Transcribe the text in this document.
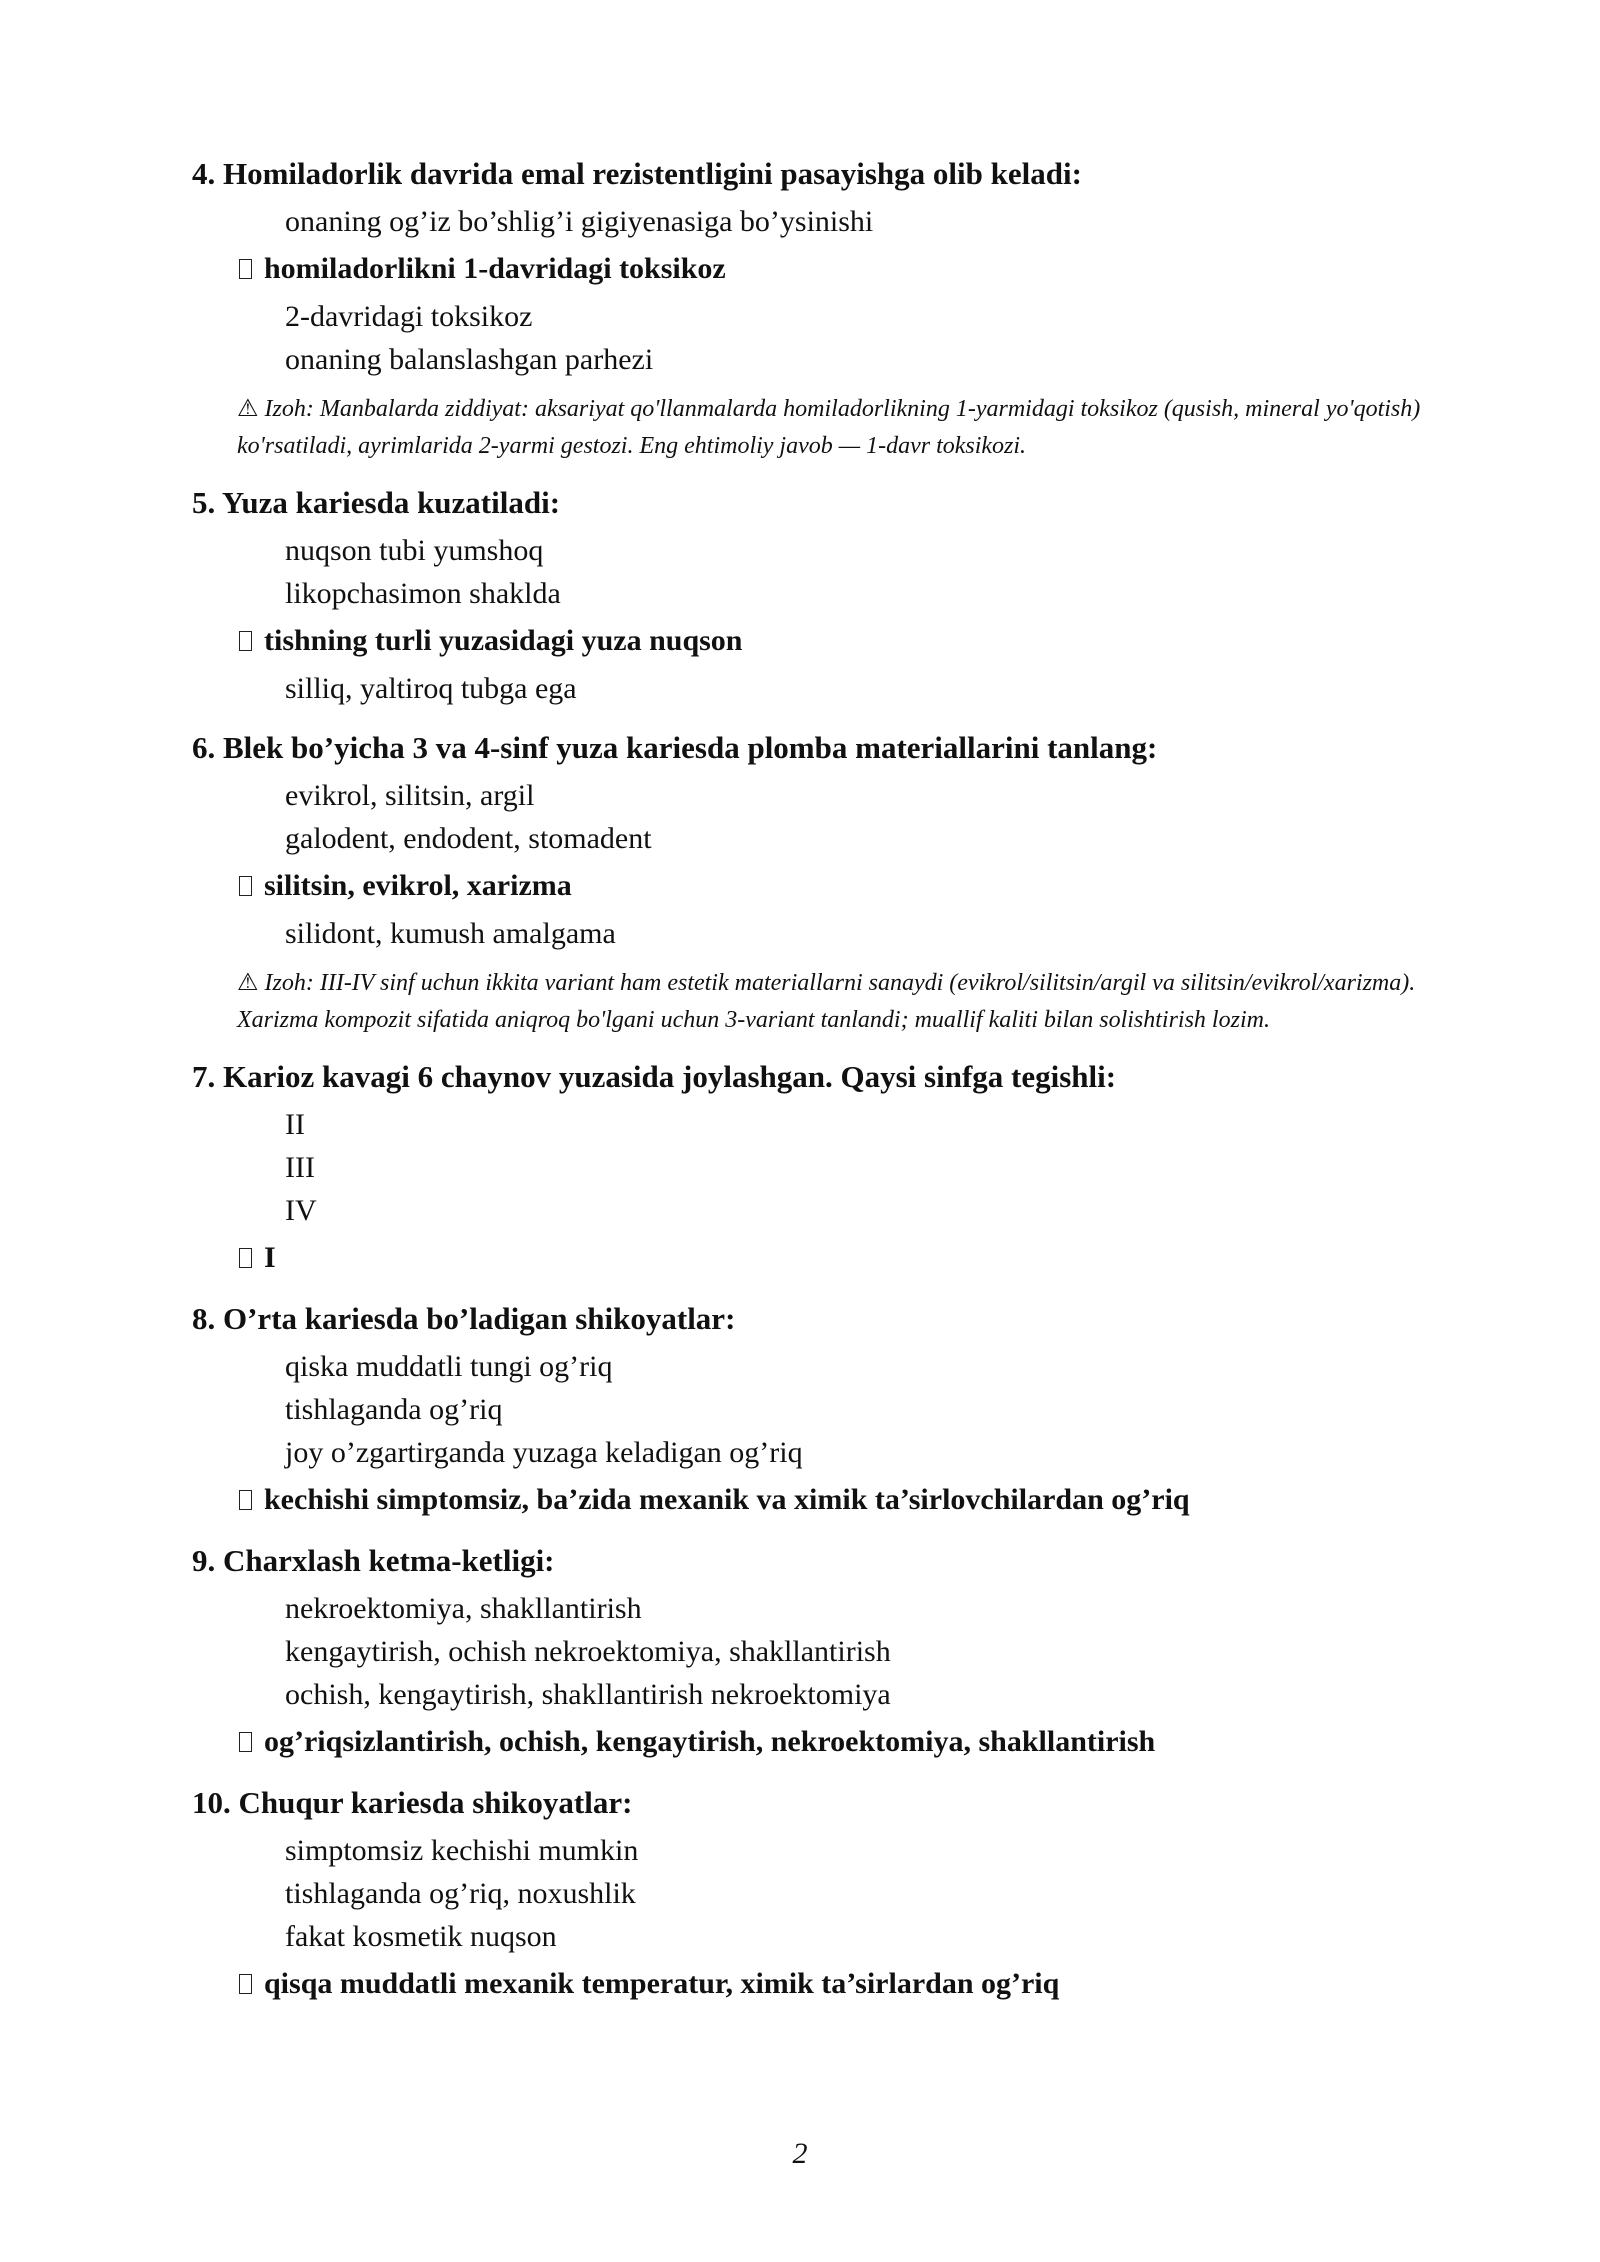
4. Homiladorlik davrida emal rezistentligini pasayishga olib keladi:
onaning og’iz bo’shlig’i gigiyenasiga bo’ysinishi
homiladorlikni 1-davridagi toksikoz
2-davridagi toksikoz
onaning balanslashgan parhezi
⚠ Izoh: Manbalarda ziddiyat: aksariyat qo'llanmalarda homiladorlikning 1-yarmidagi toksikoz (qusish, mineral yo'qotish) ko'rsatiladi, ayrimlarida 2-yarmi gestozi. Eng ehtimoliy javob — 1-davr toksikozi.
5. Yuza kariesda kuzatiladi:
nuqson tubi yumshoq
likopchasimon shaklda
tishning turli yuzasidagi yuza nuqson
silliq, yaltiroq tubga ega
6. Blek bo’yicha 3 va 4-sinf yuza kariesda plomba materiallarini tanlang:
evikrol, silitsin, argil
galodent, endodent, stomadent
silitsin, evikrol, xarizma
silidont, kumush amalgama
⚠ Izoh: III-IV sinf uchun ikkita variant ham estetik materiallarni sanaydi (evikrol/silitsin/argil va silitsin/evikrol/xarizma). Xarizma kompozit sifatida aniqroq bo'lgani uchun 3-variant tanlandi; muallif kaliti bilan solishtirish lozim.
7. Karioz kavagi 6 chaynov yuzasida joylashgan. Qaysi sinfga tegishli:
II
III
IV
I
8. O’rta kariesda bo’ladigan shikoyatlar:
qiska muddatli tungi og’riq
tishlaganda og’riq
joy o’zgartirganda yuzaga keladigan og’riq
kechishi simptomsiz, ba’zida mexanik va ximik ta’sirlovchilardan og’riq
9. Charxlash ketma-ketligi:
nekroektomiya, shakllantirish
kengaytirish, ochish nekroektomiya, shakllantirish
ochish, kengaytirish, shakllantirish nekroektomiya
og’riqsizlantirish, ochish, kengaytirish, nekroektomiya, shakllantirish
10. Chuqur kariesda shikoyatlar:
simptomsiz kechishi mumkin
tishlaganda og’riq, noxushlik
fakat kosmetik nuqson
qisqa muddatli mexanik temperatur, ximik ta’sirlardan og’riq
2
